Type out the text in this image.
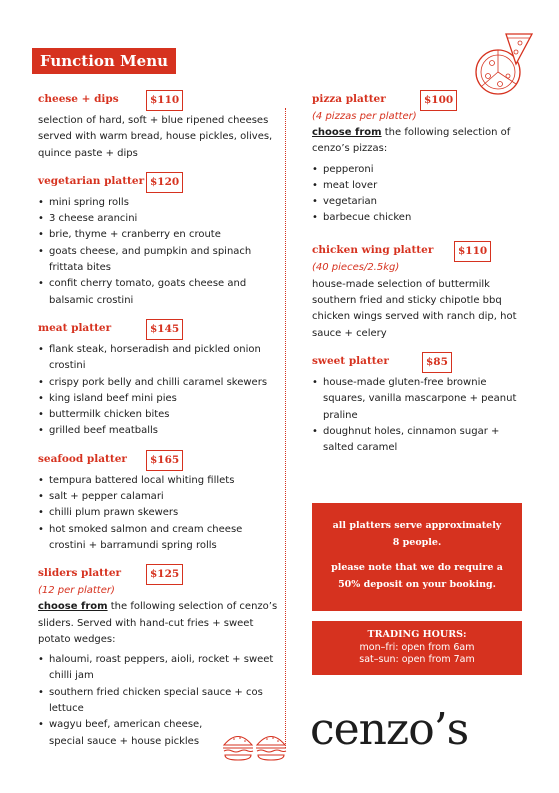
Function Menu
cheese + dips	$110
selection of hard, soft + blue ripened cheeses served with warm bread, house pickles, olives, quince paste + dips
vegetarian platter $120
• mini spring rolls
• 3 cheese arancini
• brie, thyme + cranberry en croute
• goats cheese, and pumpkin and spinach frittata bites
• confit cherry tomato, goats cheese and balsamic crostini
meat platter	$145
• flank steak, horseradish and pickled onion crostini
• crispy pork belly and chilli caramel skewers
• king island beef mini pies
• buttermilk chicken bites
• grilled beef meatballs
seafood platter	$165
• tempura battered local whiting fillets
• salt + pepper calamari
• chilli plum prawn skewers
• hot smoked salmon and cream cheese crostini + barramundi spring rolls
sliders platter	$125
(12 per platter)
choose from the following selection of cenzo’s sliders. Served with hand-cut fries + sweet potato wedges:
• haloumi, roast peppers, aioli, rocket + sweet chilli jam
• southern fried chicken special sauce + cos lettuce
• wagyu beef, american cheese, special sauce + house pickles
pizza platter	$100
(4 pizzas per platter)
choose from the following selection of cenzo’s pizzas:
• pepperoni
• meat lover
• vegetarian
• barbecue chicken
chicken wing platter	$110
(40 pieces/2.5kg)
house-made selection of buttermilk southern fried and sticky chipotle bbq chicken wings served with ranch dip, hot sauce + celery
sweet platter	$85
• house-made gluten-free brownie squares, vanilla mascarpone + peanut praline
• doughnut holes, cinnamon sugar + salted caramel
all platters serve approximately 8 people.
please note that we do require a 50% deposit on your booking.
TRADING HOURS:
mon–fri: open from 6am
sat–sun: open from 7am
cenzo’s
